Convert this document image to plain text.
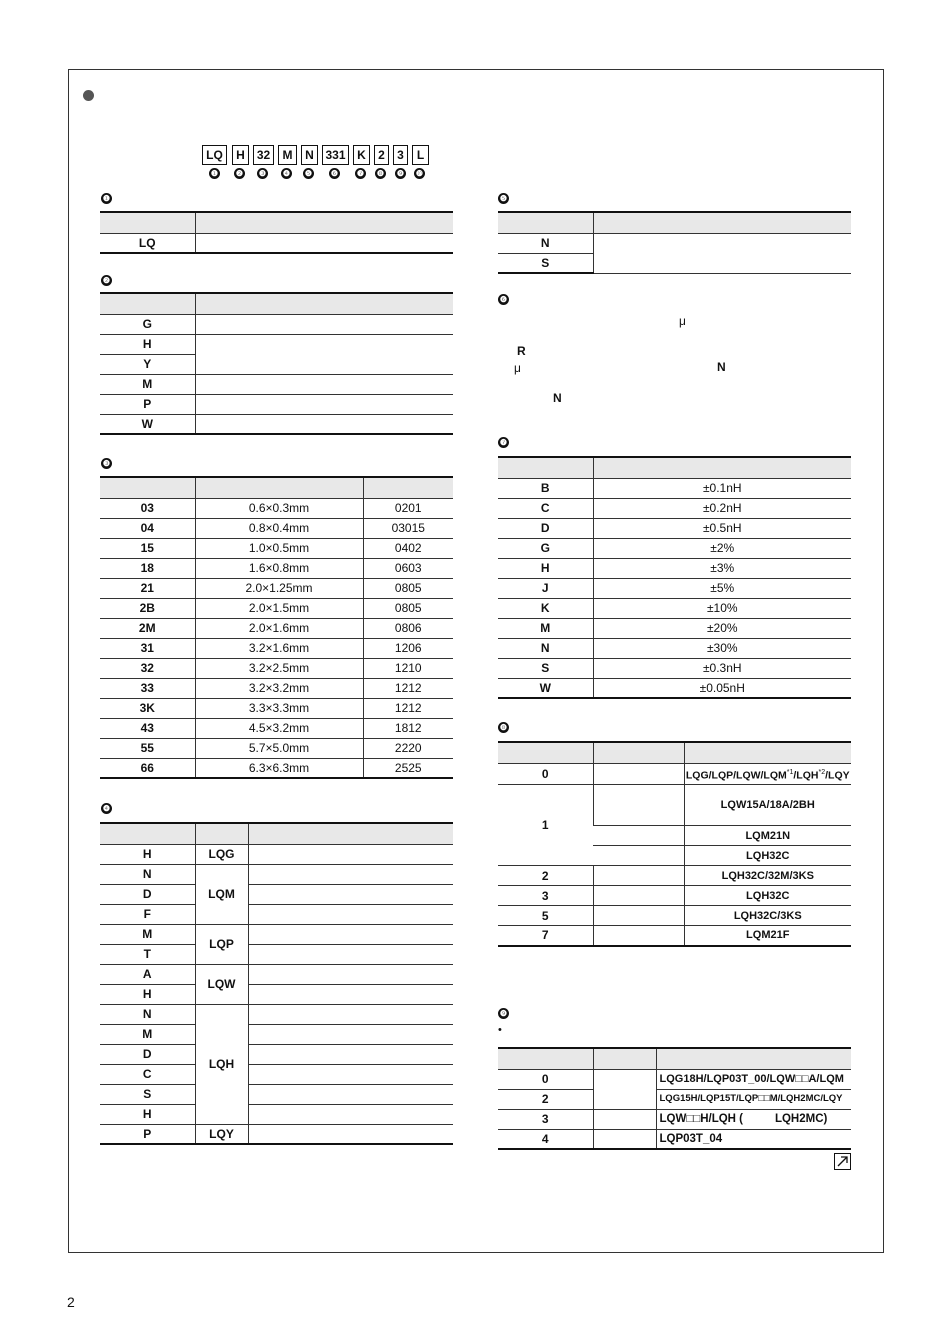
LQ	H 32	M	N 331 K	2	3	L
❶ ❷ ❸ ❹ ❺ ❻ ❼ ❽ ❾ ❿
❶

LQ	
❷

G	
H	
Y	
M	
P	
W	
❸

03	0.6×0.3mm	0201
04	0.8×0.4mm	03015
15	1.0×0.5mm	0402
18	1.6×0.8mm	0603
21	2.0×1.25mm	0805
2B	2.0×1.5mm	0805
2M	2.0×1.6mm	0806
31	3.2×1.6mm	1206
32	3.2×2.5mm	1210
33	3.2×3.2mm	1212
3K	3.3×3.3mm	1212
43	4.5×3.2mm	1812
55	5.7×5.0mm	2220
66	6.3×6.3mm	2525
❹

H	LQG	
N	LQM	
D		
F		
M	LQP	
T		
A	LQW	
H		
N	LQH	
M		
D		
C		
S		
H		
P	LQY	
❺

N	
S	
❻
μ
R
μ	N
N
❼

B	±0.1nH
C	±0.2nH
D	±0.5nH
G	±2%
H	±3%
J	±5%
K	±10%
M	±20%
N	±30%
S	±0.3nH
W	±0.05nH
❽

0		LQG/LQP/LQW/LQM$^{*1}$/LQH$^{*2}$/LQY
1		LQW15A/18A/2BH
		LQM21N
		LQH32C
2		LQH32C/32M/3KS
3		LQH32C
5		LQH32C/3KS
7		LQM21F
❾
•

0		LQG18H/LQP03T_00/LQW□□A/LQM
2		LQG15H/LQP15T/LQP□□M/LQH2MC/LQY
3		LQW□□H/LQH (          LQH2MC)
4		LQP03T_04
2
